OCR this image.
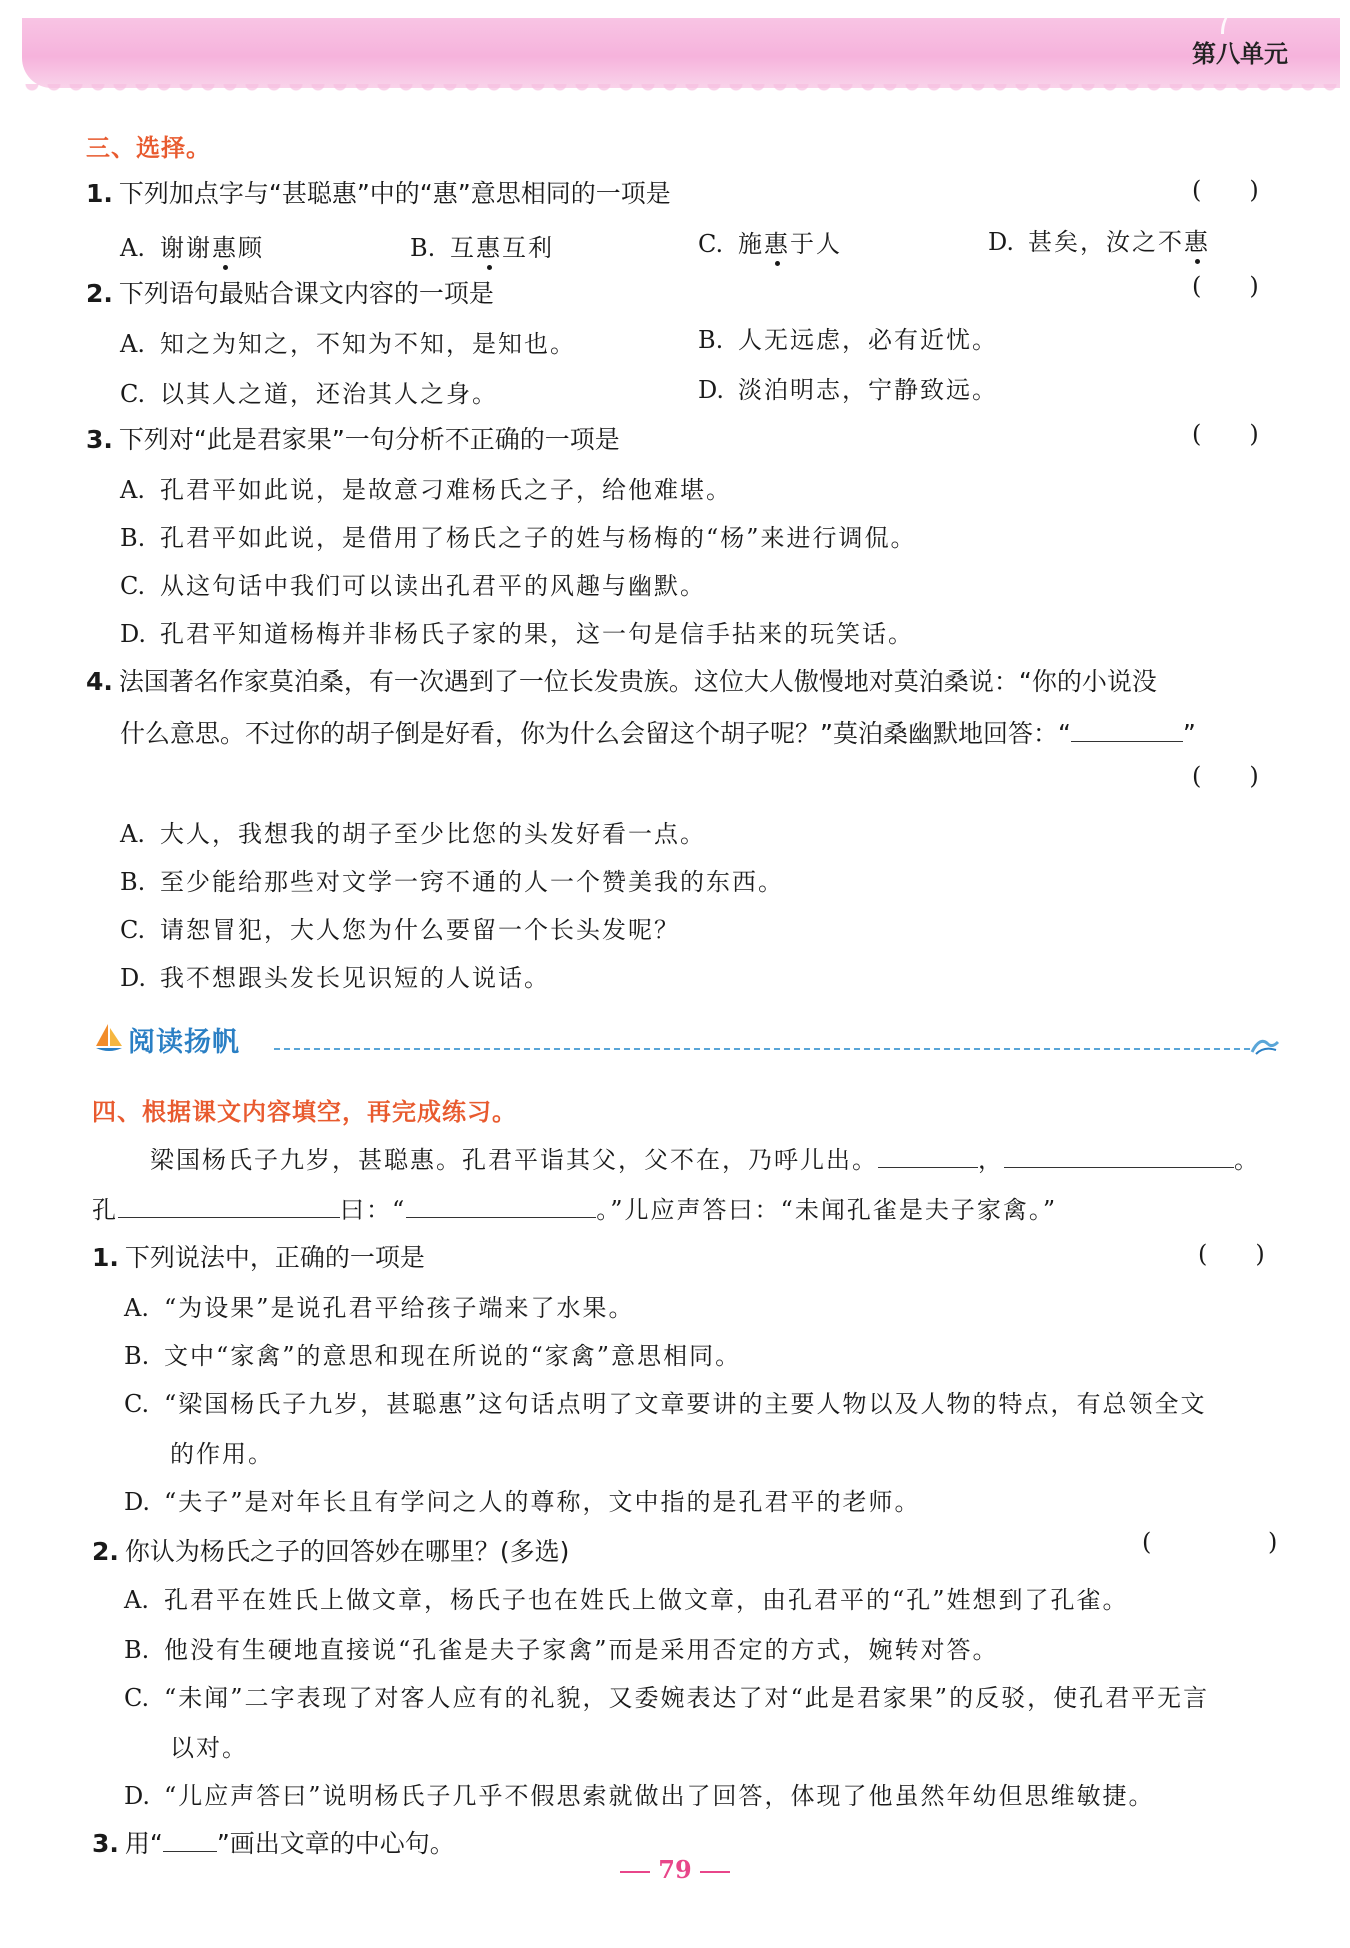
第八单元
三、选择。
1. 下列加点字与“甚聪惠”中的“惠”意思相同的一项是	(　　)
A. 谢谢惠顾	B. 互惠互利	C. 施惠于人	D. 甚矣，汝之不惠
2. 下列语句最贴合课文内容的一项是	(　　)
A. 知之为知之，不知为不知，是知也。	B. 人无远虑，必有近忧。
C. 以其人之道，还治其人之身。	D. 淡泊明志，宁静致远。
3. 下列对“此是君家果”一句分析不正确的一项是	(　　)
A. 孔君平如此说，是故意刁难杨氏之子，给他难堪。
B. 孔君平如此说，是借用了杨氏之子的姓与杨梅的“杨”来进行调侃。
C. 从这句话中我们可以读出孔君平的风趣与幽默。
D. 孔君平知道杨梅并非杨氏子家的果，这一句是信手拈来的玩笑话。
4. 法国著名作家莫泊桑，有一次遇到了一位长发贵族。这位大人傲慢地对莫泊桑说：“你的小说没
什么意思。不过你的胡子倒是好看，你为什么会留这个胡子呢？”莫泊桑幽默地回答：“	”
(　　)
A. 大人，我想我的胡子至少比您的头发好看一点。
B. 至少能给那些对文学一窍不通的人一个赞美我的东西。
C. 请恕冒犯，大人您为什么要留一个长头发呢？
D. 我不想跟头发长见识短的人说话。
阅读扬帆
四、根据课文内容填空，再完成练习。
梁国杨氏子九岁，甚聪惠。孔君平诣其父，父不在，乃呼儿出。	，	。
孔	曰：“	。”儿应声答曰：“未闻孔雀是夫子家禽。”
1. 下列说法中，正确的一项是	(　　)
A. “为设果”是说孔君平给孩子端来了水果。
B. 文中“家禽”的意思和现在所说的“家禽”意思相同。
C. “梁国杨氏子九岁，甚聪惠”这句话点明了文章要讲的主要人物以及人物的特点，有总领全文
的作用。
D. “夫子”是对年长且有学问之人的尊称，文中指的是孔君平的老师。
2. 你认为杨氏之子的回答妙在哪里？(多选)	(	)
A. 孔君平在姓氏上做文章，杨氏子也在姓氏上做文章，由孔君平的“孔”姓想到了孔雀。
B. 他没有生硬地直接说“孔雀是夫子家禽”而是采用否定的方式，婉转对答。
C. “未闻”二字表现了对客人应有的礼貌，又委婉表达了对“此是君家果”的反驳，使孔君平无言
以对。
D. “儿应声答曰”说明杨氏子几乎不假思索就做出了回答，体现了他虽然年幼但思维敏捷。
3. 用“ ”画出文章的中心句。
79
